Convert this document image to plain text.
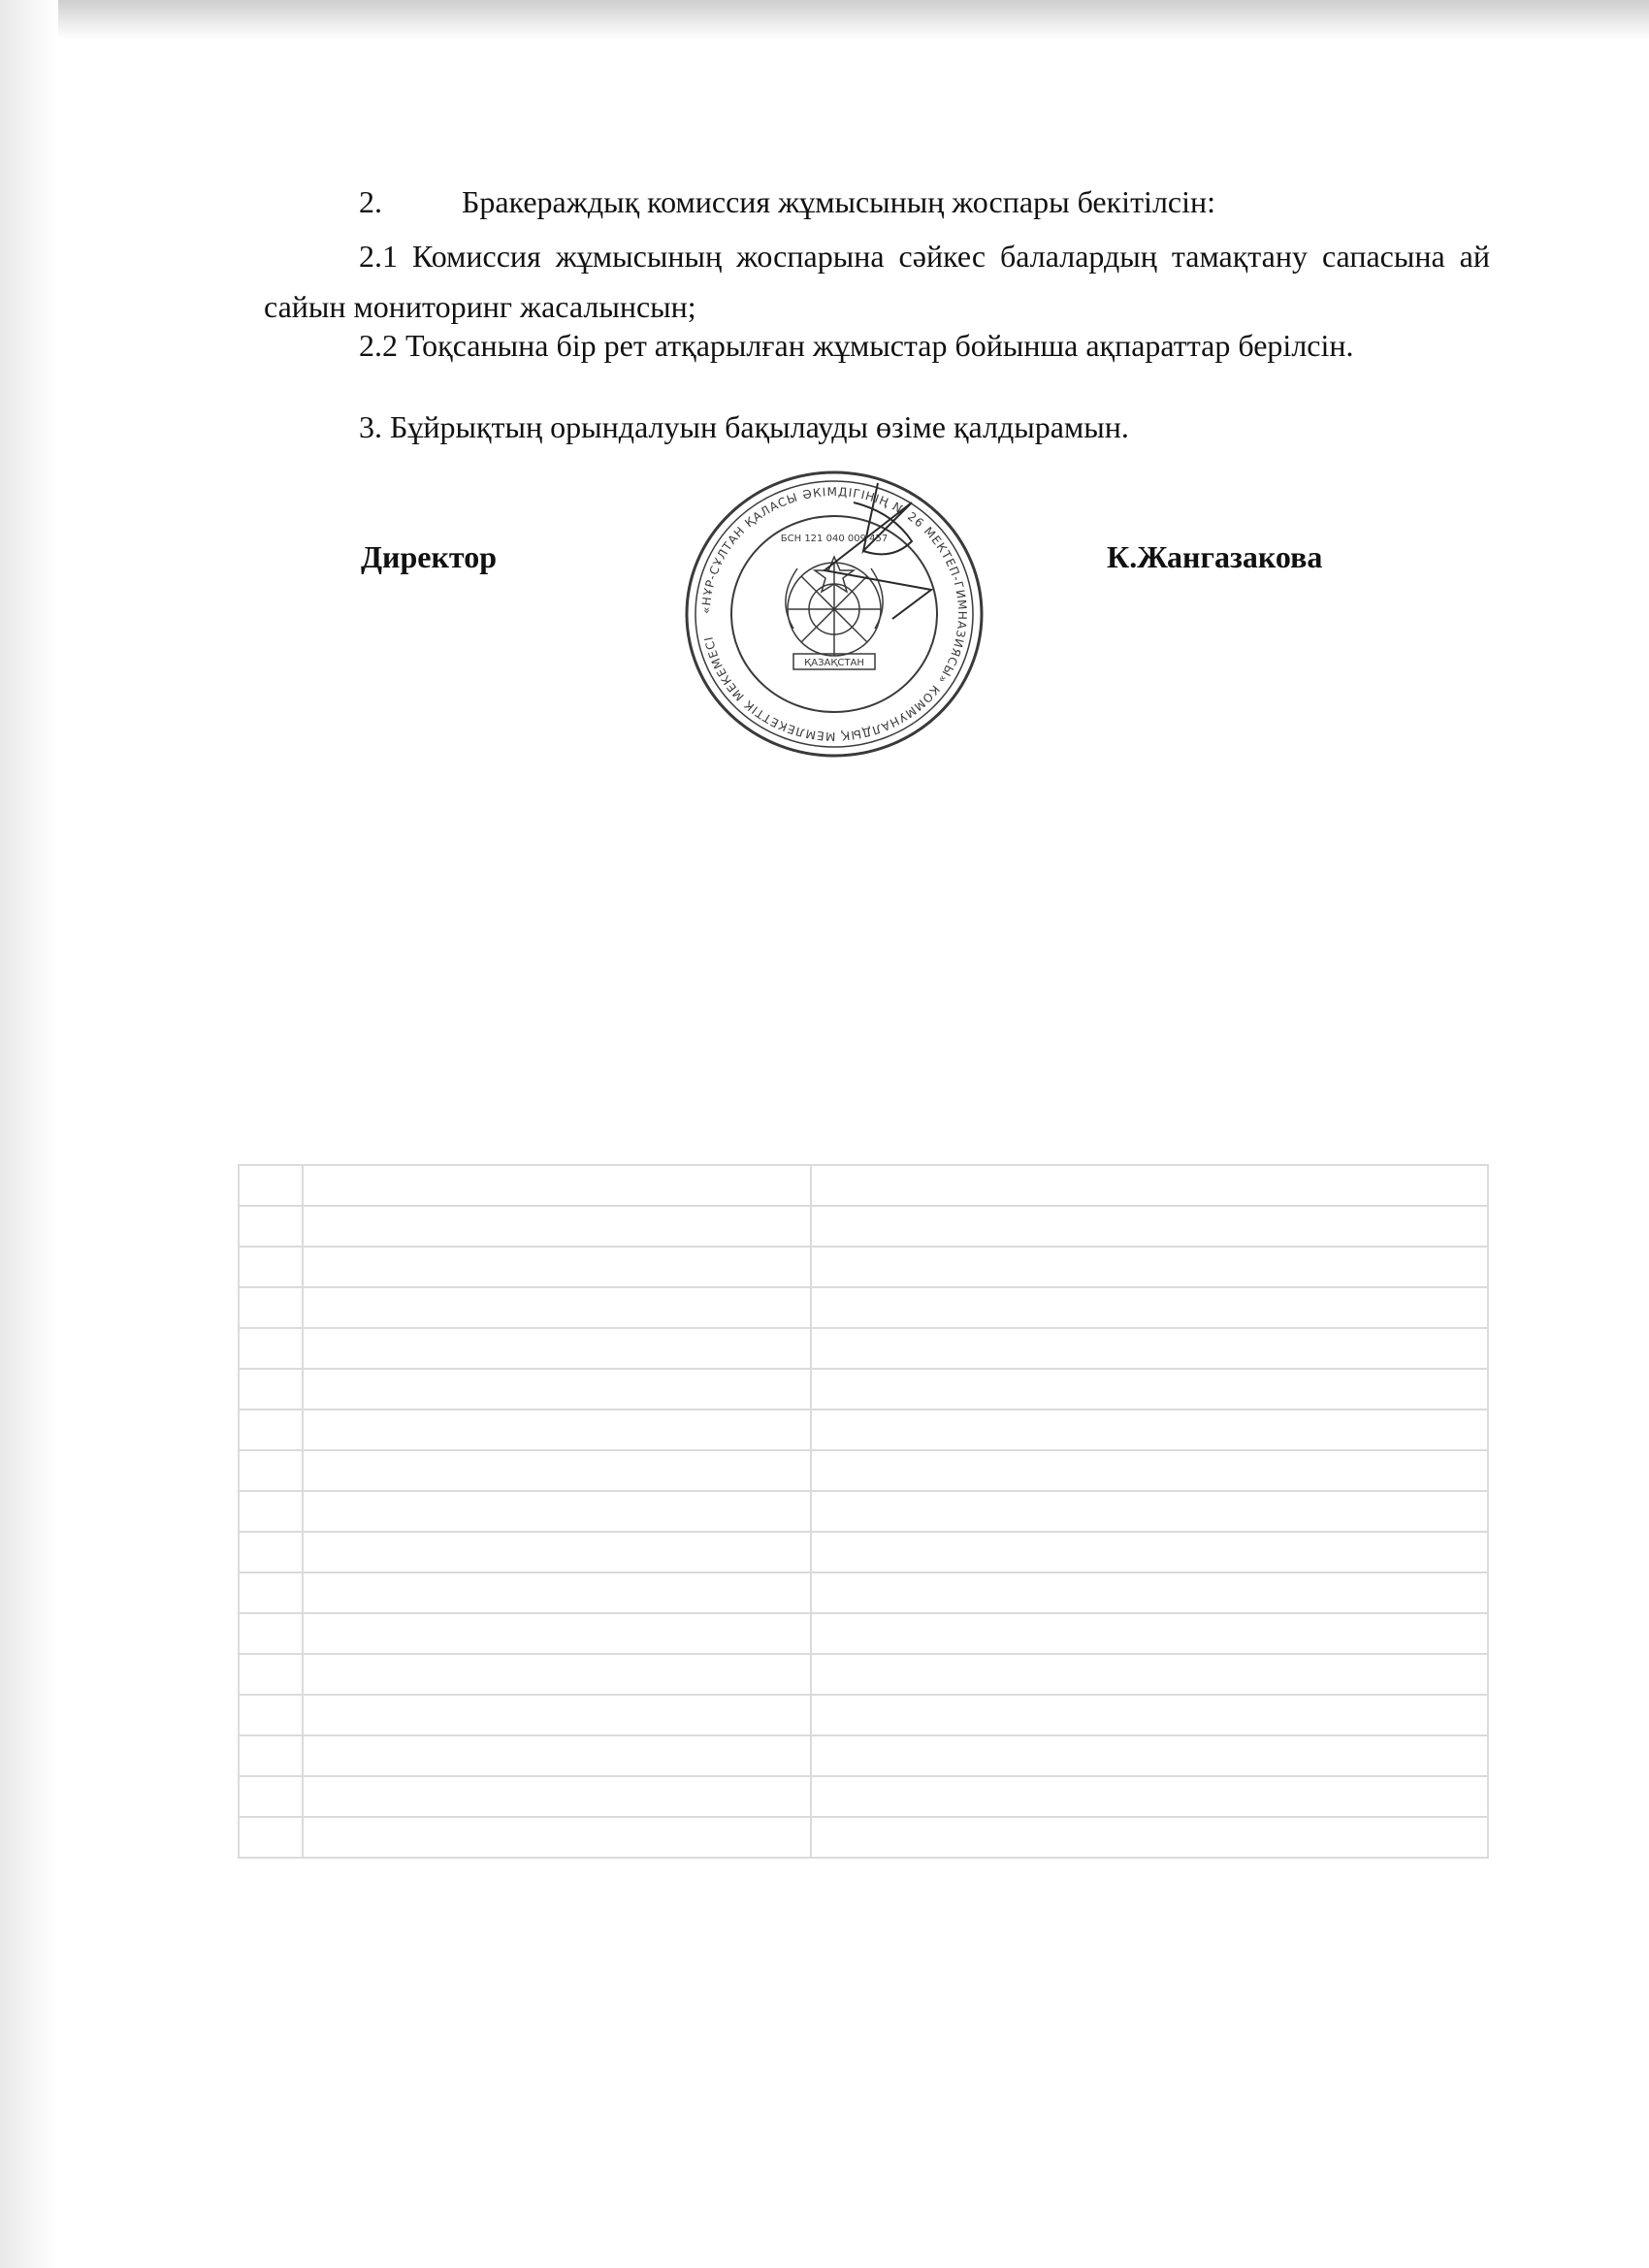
2.	Бракераждық комиссия жұмысының жоспары бекітілсін:
2.1 Комиссия жұмысының жоспарына сәйкес балалардың тамақтану сапасына ай сайын мониторинг жасалынсын;
2.2 Тоқсанына бір рет атқарылған жұмыстар бойынша ақпараттар берілсін.
3. Бұйрықтың орындалуын бақылауды өзіме қалдырамын.
Директор	К.Жангазакова
«НҰР-СҰЛТАН ҚАЛАСЫ ӘКІМДІГІНІҢ № 26 МЕКТЕП-ГИМНАЗИЯСЫ» КОММУНАЛДЫҚ МЕМЛЕКЕТТІК МЕКЕМЕСІ
ҚАЗАҚСТАН
БСН 121 040 009 457
